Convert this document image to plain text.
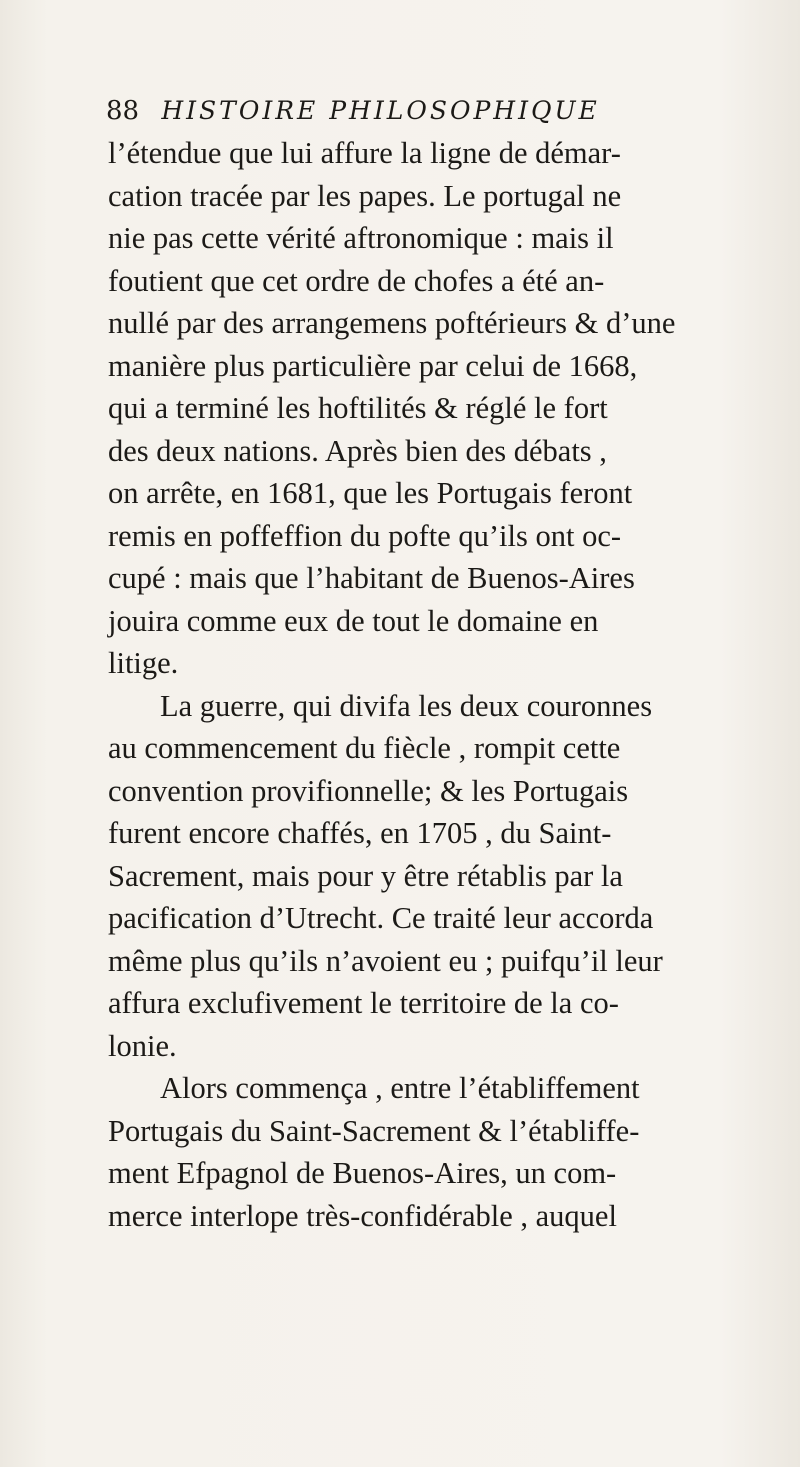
88 HISTOIRE PHILOSOPHIQUE
l’étendue que lui affure la ligne de démar-
cation tracée par les papes. Le portugal ne
nie pas cette vérité aftronomique : mais il
foutient que cet ordre de chofes a été an-
nullé par des arrangemens poftérieurs & d’une
manière plus particulière par celui de 1668,
qui a terminé les hoftilités & réglé le fort
des deux nations. Après bien des débats ,
on arrête, en 1681, que les Portugais feront
remis en poffeffion du pofte qu’ils ont oc-
cupé : mais que l’habitant de Buenos-Aires
jouira comme eux de tout le domaine en
litige.
La guerre, qui divifa les deux couronnes
au commencement du fiècle , rompit cette
convention provifionnelle; & les Portugais
furent encore chaffés, en 1705 , du Saint-
Sacrement, mais pour y être rétablis par la
pacification d’Utrecht. Ce traité leur accorda
même plus qu’ils n’avoient eu ; puifqu’il leur
affura exclufivement le territoire de la co-
lonie.
Alors commença , entre l’établiffement
Portugais du Saint-Sacrement & l’établiffe-
ment Efpagnol de Buenos-Aires, un com-
merce interlope très-confidérable , auquel
